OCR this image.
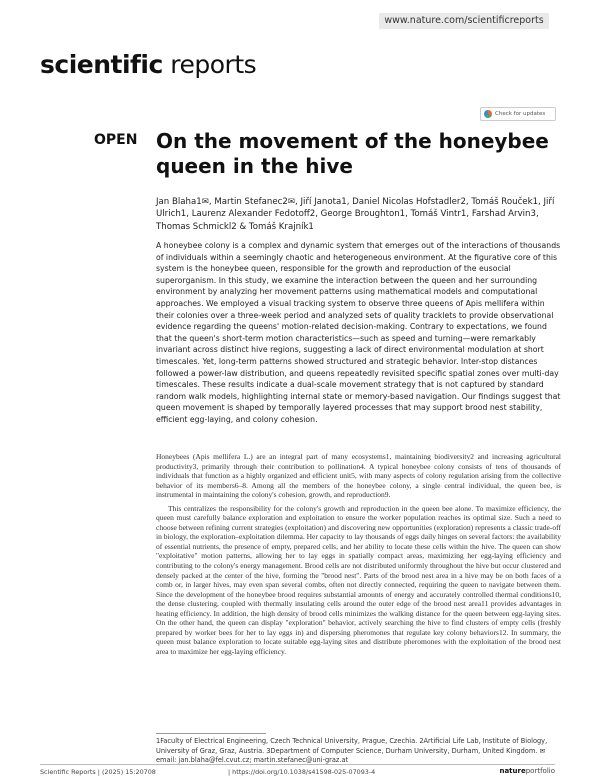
www.nature.com/scientificreports
scientific reports
Check for updates
OPEN On the movement of the honeybee queen in the hive

Jan Blaha1✉, Martin Stefanec2✉, Jiří Janota1, Daniel Nicolas Hofstadler2, Tomáš Rouček1, Jiří Ulrich1, Laurenz Alexander Fedotoff2, George Broughton1, Tomáš Vintr1, Farshad Arvin3, Thomas Schmickl2 & Tomáš Krajník1

A honeybee colony is a complex and dynamic system that emerges out of the interactions of thousands of individuals within a seemingly chaotic and heterogeneous environment. At the figurative core of this system is the honeybee queen, responsible for the growth and reproduction of the eusocial superorganism. In this study, we examine the interaction between the queen and her surrounding environment by analyzing her movement patterns using mathematical models and computational approaches. We employed a visual tracking system to observe three queens of Apis mellifera within their colonies over a three-week period and analyzed sets of quality tracklets to provide observational evidence regarding the queens' motion-related decision-making. Contrary to expectations, we found that the queen's short-term motion characteristics—such as speed and turning—were remarkably invariant across distinct hive regions, suggesting a lack of direct environmental modulation at short timescales. Yet, long-term patterns showed structured and strategic behavior. Inter-stop distances followed a power-law distribution, and queens repeatedly revisited specific spatial zones over multi-day timescales. These results indicate a dual-scale movement strategy that is not captured by standard random walk models, highlighting internal state or memory-based navigation. Our findings suggest that queen movement is shaped by temporally layered processes that may support brood nest stability, efficient egg-laying, and colony cohesion.

Honeybees (Apis mellifera L.) are an integral part of many ecosystems1, maintaining biodiversity2 and increasing agricultural productivity3, primarily through their contribution to pollination4. A typical honeybee colony consists of tens of thousands of individuals that function as a highly organized and efficient unit5, with many aspects of colony regulation arising from the collective behavior of its members6–8. Among all the members of the honeybee colony, a single central individual, the queen bee, is instrumental in maintaining the colony's cohesion, growth, and reproduction9.

This centralizes the responsibility for the colony's growth and reproduction in the queen bee alone. To maximize efficiency, the queen must carefully balance exploration and exploitation to ensure the worker population reaches its optimal size. Such a need to choose between refining current strategies (exploitation) and discovering new opportunities (exploration) represents a classic trade-off in biology, the exploration–exploitation dilemma. Her capacity to lay thousands of eggs daily hinges on several factors: the availability of essential nutrients, the presence of empty, prepared cells, and her ability to locate these cells within the hive. The queen can show "exploitative" motion patterns, allowing her to lay eggs in spatially compact areas, maximizing her egg-laying efficiency and contributing to the colony's energy management. Brood cells are not distributed uniformly throughout the hive but occur clustered and densely packed at the center of the hive, forming the "brood nest". Parts of the brood nest area in a hive may be on both faces of a comb or, in larger hives, may even span several combs, often not directly connected, requiring the queen to navigate between them. Since the development of the honeybee brood requires substantial amounts of energy and accurately controlled thermal conditions10, the dense clustering, coupled with thermally insulating cells around the outer edge of the brood nest area11 provides advantages in heating efficiency. In addition, the high density of brood cells minimizes the walking distance for the queen between egg-laying sites. On the other hand, the queen can display "exploration" behavior, actively searching the hive to find clusters of empty cells (freshly prepared by worker bees for her to lay eggs in) and dispersing pheromones that regulate key colony behaviors12. In summary, the queen must balance exploration to locate suitable egg-laying sites and distribute pheromones with the exploitation of the brood nest area to maximize her egg-laying efficiency.

1Faculty of Electrical Engineering, Czech Technical University, Prague, Czechia. 2Artificial Life Lab, Institute of Biology, University of Graz, Graz, Austria. 3Department of Computer Science, Durham University, Durham, United Kingdom. ✉email: jan.blaha@fel.cvut.cz; martin.stefanec@uni-graz.at

Scientific Reports | (2025) 15:20708	| https://doi.org/10.1038/s41598-025-07093-4	natureportfolio
